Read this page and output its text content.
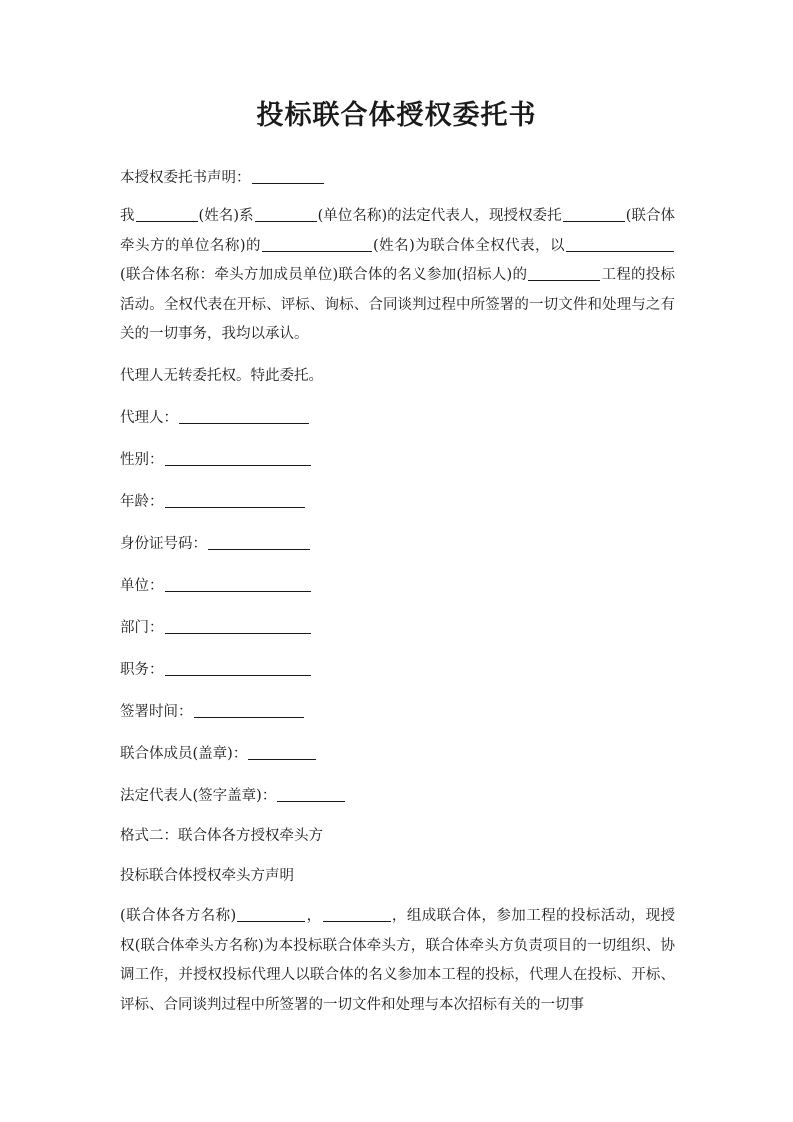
投标联合体授权委托书
本授权委托书声明：
我	(姓名)系	(单位名称)的法定代表人，现授权委托	(联合体牵头方的单位名称)的	(姓名)为联合体全权代表，以(联合体名称：牵头方加成员单位)联合体的名义参加(招标人)的	工程的投标活动。全权代表在开标、评标、询标、合同谈判过程中所签署的一切文件和处理与之有关的一切事务，我均以承认。
代理人无转委托权。特此委托。
代理人：
性别：
年龄：
身份证号码：
单位：
部门：
职务：
签署时间：
联合体成员(盖章)：
法定代表人(签字盖章)：
格式二：联合体各方授权牵头方
投标联合体授权牵头方声明
(联合体各方名称)	，	，组成联合体，参加工程的投标活动，现授权(联合体牵头方名称)为本投标联合体牵头方，联合体牵头方负责项目的一切组织、协调工作，并授权投标代理人以联合体的名义参加本工程的投标，代理人在投标、开标、评标、合同谈判过程中所签署的一切文件和处理与本次招标有关的一切事
